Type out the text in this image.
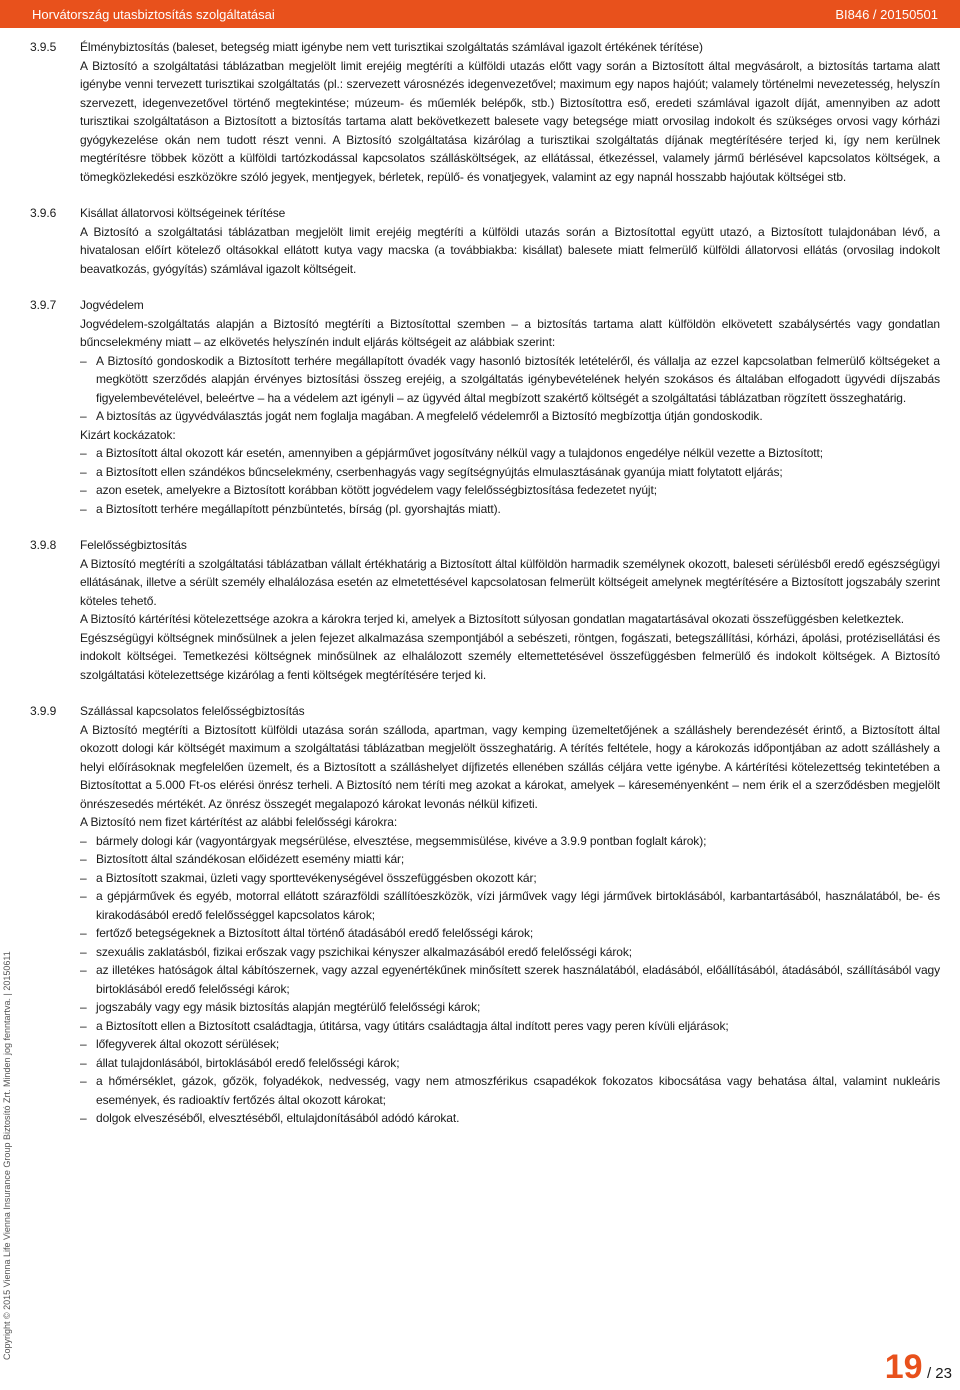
Horvátország utasbiztosítás szolgáltatásai	BI846 / 20150501
3.9.5	Élménybiztosítás (baleset, betegség miatt igénybe nem vett turisztikai szolgáltatás számlával igazolt értékének térítése)

A Biztosító a szolgáltatási táblázatban megjelölt limit erejéig megtéríti a külföldi utazás előtt vagy során a Biztosított által megvásárolt, a biztosítás tartama alatt igénybe venni tervezett turisztikai szolgáltatás (pl.: szervezett városnézés idegenvezetővel; maximum egy napos hajóút; valamely történelmi nevezetesség, helyszín szervezett, idegenvezetővel történő megtekintése; múzeum- és műemlék belépők, stb.) Biztosítottra eső, eredeti számlával igazolt díját, amennyiben az adott turisztikai szolgáltatáson a Biztosított a biztosítás tartama alatt bekövetkezett balesete vagy betegsége miatt orvosilag indokolt és szükséges orvosi vagy kórházi gyógykezelése okán nem tudott részt venni. A Biztosító szolgáltatása kizárólag a turisztikai szolgáltatás díjának megtérítésére terjed ki, így nem kerülnek megtérítésre többek között a külföldi tartózkodással kapcsolatos szállásköltségek, az ellátással, étkezéssel, valamely jármű bérlésével kapcsolatos költségek, a tömegközlekedési eszközökre szóló jegyek, mentjegyek, bérletek, repülő- és vonatjegyek, valamint az egy napnál hosszabb hajóutak költségei stb.

3.9.6	Kisállat állatorvosi költségeinek térítése

A Biztosító a szolgáltatási táblázatban megjelölt limit erejéig megtéríti a külföldi utazás során a Biztosítottal együtt utazó, a Biztosított tulajdonában lévő, a hivatalosan előírt kötelező oltásokkal ellátott kutya vagy macska (a továbbiakba: kisállat) balesete miatt felmerülő külföldi állatorvosi ellátás (orvosilag indokolt beavatkozás, gyógyítás) számlával igazolt költségeit.

3.9.7	Jogvédelem

Jogvédelem-szolgáltatás alapján a Biztosító megtéríti a Biztosítottal szemben – a biztosítás tartama alatt külföldön elkövetett szabálysértés vagy gondatlan bűncselekmény miatt – az elkövetés helyszínén indult eljárás költségeit az alábbiak szerint:

– A Biztosító gondoskodik a Biztosított terhére megállapított óvadék vagy hasonló biztosíték letételéről, és vállalja az ezzel kapcsolatban felmerülő költségeket a megkötött szerződés alapján érvényes biztosítási összeg erejéig, a szolgáltatás igénybevételének helyén szokásos és általában elfogadott ügyvédi díjszabás figyelembevételével, beleértve – ha a védelem azt igényli – az ügyvéd által megbízott szakértő költségét a szolgáltatási táblázatban rögzített összeghatárig.
– A biztosítás az ügyvédválasztás jogát nem foglalja magában. A megfelelő védelemről a Biztosító megbízottja útján gondoskodik.

Kizárt kockázatok:

– a Biztosított által okozott kár esetén, amennyiben a gépjárművet jogosítvány nélkül vagy a tulajdonos engedélye nélkül vezette a Biztosított;
– a Biztosított ellen szándékos bűncselekmény, cserbenhagyás vagy segítségnyújtás elmulasztásának gyanúja miatt folytatott eljárás;
– azon esetek, amelyekre a Biztosított korábban kötött jogvédelem vagy felelősségbiztosítása fedezetet nyújt;
– a Biztosított terhére megállapított pénzbüntetés, bírság (pl. gyorshajtás miatt).
3.9.8	Felelősségbiztosítás

A Biztosító megtéríti a szolgáltatási táblázatban vállalt értékhatárig a Biztosított által külföldön harmadik személynek okozott, baleseti sérülésből eredő egészségügyi ellátásának, illetve a sérült személy elhalálozása esetén az elmetettésével kapcsolatosan felmerült költségeit amelynek megtérítésére a Biztosított jogszabály szerint köteles tehető.

A Biztosító kártérítési kötelezettsége azokra a károkra terjed ki, amelyek a Biztosított súlyosan gondatlan magatartásával okozati összefüggésben keletkeztek.

Egészségügyi költségnek minősülnek a jelen fejezet alkalmazása szempontjából a sebészeti, röntgen, fogászati, betegszállítási, kórházi, ápolási, protézisellátási és indokolt költségei. Temetkezési költségnek minősülnek az elhalálozott személy eltemettetésével összefüggésben felmerülő és indokolt költségek. A Biztosító szolgáltatási kötelezettsége kizárólag a fenti költségek megtérítésére terjed ki.

3.9.9	Szállással kapcsolatos felelősségbiztosítás

A Biztosító megtéríti a Biztosított külföldi utazása során szálloda, apartman, vagy kemping üzemeltetőjének a szálláshely berendezését érintő, a Biztosított által okozott dologi kár költségét maximum a szolgáltatási táblázatban megjelölt összeghatárig. A térítés feltétele, hogy a károkozás időpontjában az adott szálláshely a helyi előírásoknak megfelelően üzemelt, és a Biztosított a szálláshelyet díjfizetés ellenében szállás céljára vette igénybe. A kártérítési kötelezettség tekintetében a Biztosítottat a 5.000 Ft-os elérési önrész terheli. A Biztosító nem téríti meg azokat a károkat, amelyek – káreseményenként – nem érik el a szerződésben megjelölt önrészesedés mértékét. Az önrész összegét megalapozó károkat levonás nélkül kifizeti.

A Biztosító nem fizet kártérítést az alábbi felelősségi károkra:

– bármely dologi kár (vagyontárgyak megsérülése, elvesztése, megsemmisülése, kivéve a 3.9.9 pontban foglalt károk);
– Biztosított által szándékosan előidézett esemény miatti kár;
– a Biztosított szakmai, üzleti vagy sporttevékenységével összefüggésben okozott kár;
– a gépjárművek és egyéb, motorral ellátott szárazföldi szállítóeszközök, vízi járművek vagy légi járművek birtoklásából, karbantartásából, használatából, be- és kirakodásából eredő felelősséggel kapcsolatos károk;
– fertőző betegségeknek a Biztosított által történő átadásából eredő felelősségi károk;
– szexuális zaklatásból, fizikai erőszak vagy pszichikai kényszer alkalmazásából eredő felelősségi károk;
– az illetékes hatóságok által kábítószernek, vagy azzal egyenértékűnek minősített szerek használatából, eladásából, előállításából, átadásából, szállításából vagy birtoklásából eredő felelősségi károk;
– jogszabály vagy egy másik biztosítás alapján megtérülő felelősségi károk;
– a Biztosított ellen a Biztosított családtagja, útitársa, vagy útitárs családtagja által indított peres vagy peren kívüli eljárások;
– lőfegyverek által okozott sérülések;
– állat tulajdonlásából, birtoklásából eredő felelősségi károk;
– a hőmérséklet, gázok, gőzök, folyadékok, nedvesség, vagy nem atmoszférikus csapadékok fokozatos kibocsátása vagy behatása által, valamint nukleáris események, és radioaktív fertőzés által okozott károkat;
– dolgok elveszéséből, elvesztéséből, eltulajdonításából adódó károkat.
Copyright © 2015 Vienna Life Vienna Insurance Group Biztosító Zrt. Minden jog fenntartva. | 20150611
19 / 23
